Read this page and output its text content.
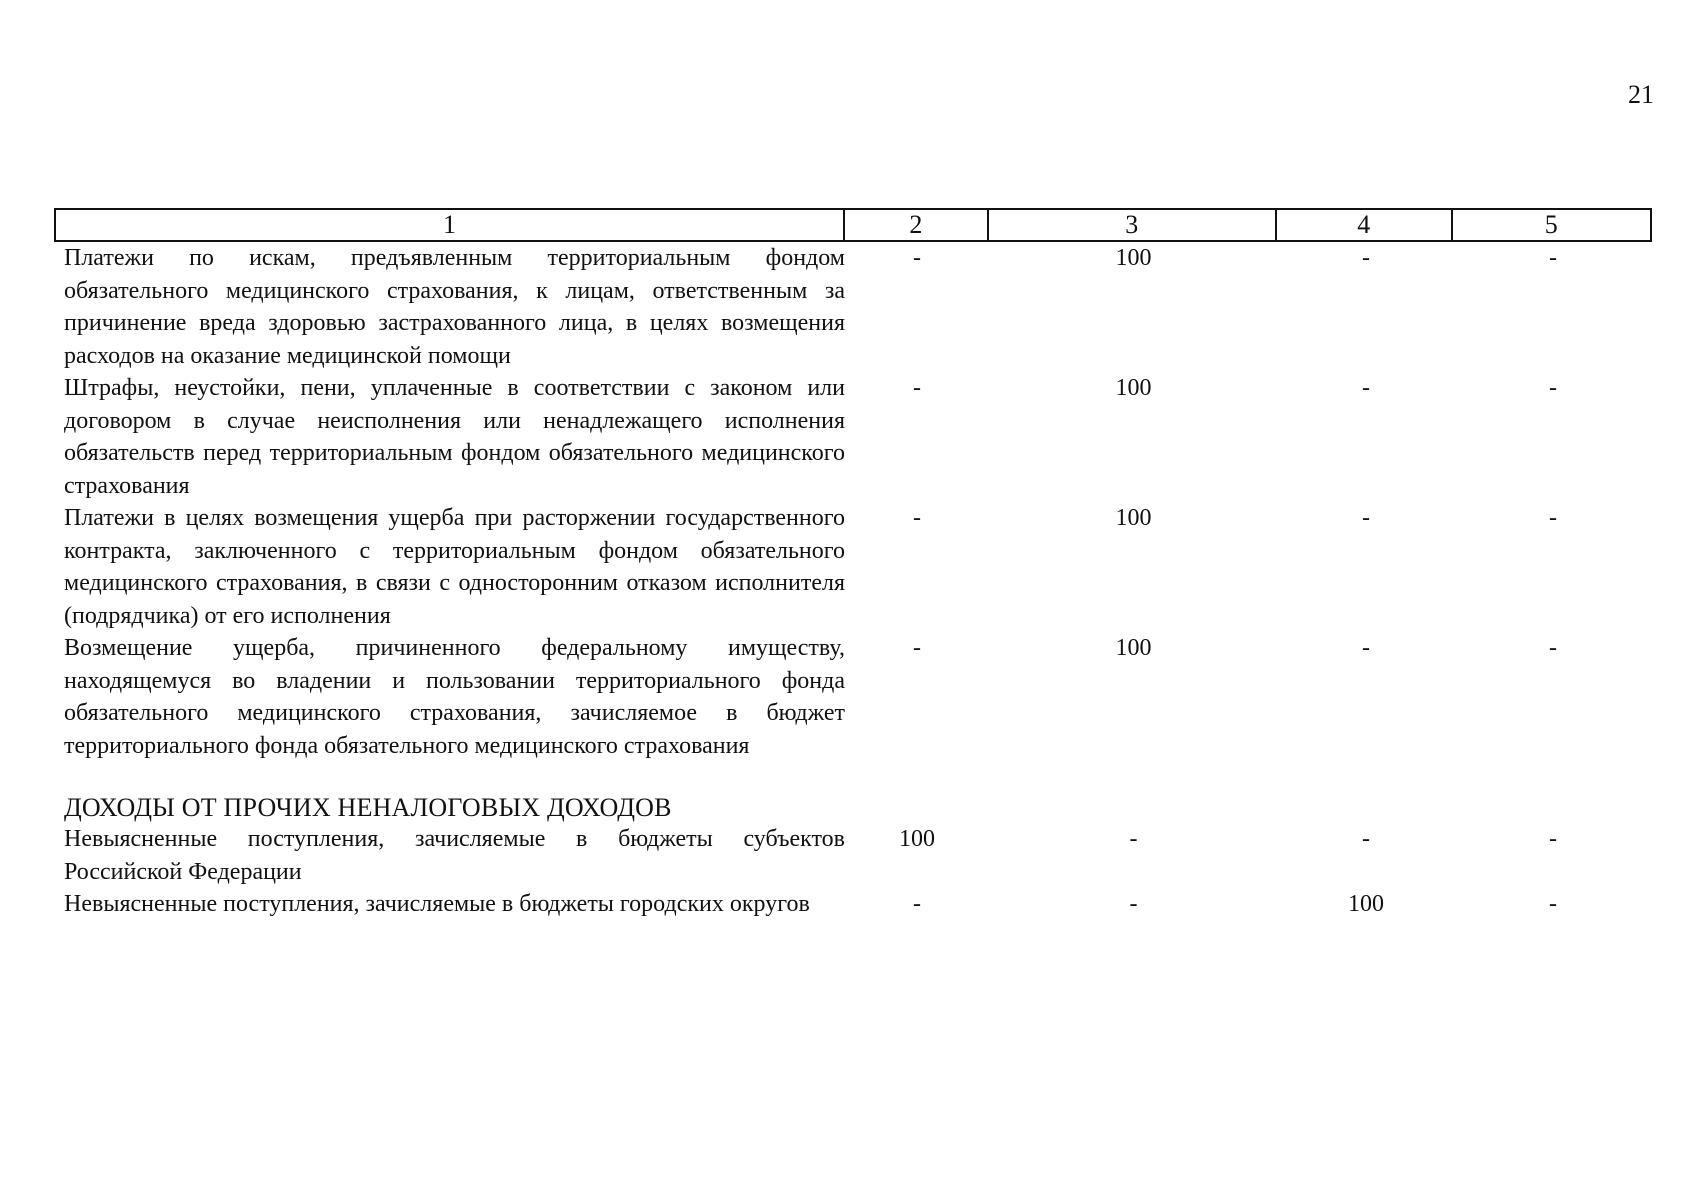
21
1	2	3	4	5
Платежи по искам, предъявленным территориальным фондом обязательного медицинского страхования, к лицам, ответственным за причинение вреда здоровью застрахованного лица, в целях возмещения расходов на оказание медицинской помощи
-	100	-	-
Штрафы, неустойки, пени, уплаченные в соответствии с законом или договором в случае неисполнения или ненадлежащего исполнения обязательств перед территориальным фондом обязательного медицинского страхования
-	100	-	-
Платежи в целях возмещения ущерба при расторжении государственного контракта, заключенного с территориальным фондом обязательного медицинского страхования, в связи с односторонним отказом исполнителя (подрядчика) от его исполнения
-	100	-	-
Возмещение ущерба, причиненного федеральному имуществу, находящемуся во владении и пользовании территориального фонда обязательного медицинского страхования, зачисляемое в бюджет территориального фонда обязательного медицинского страхования
-	100	-	-
ДОХОДЫ ОТ ПРОЧИХ НЕНАЛОГОВЫХ ДОХОДОВ
Невыясненные поступления, зачисляемые в бюджеты субъектов Российской Федерации
100	-	-	-
Невыясненные поступления, зачисляемые в бюджеты городских округов	-	-	100	-
